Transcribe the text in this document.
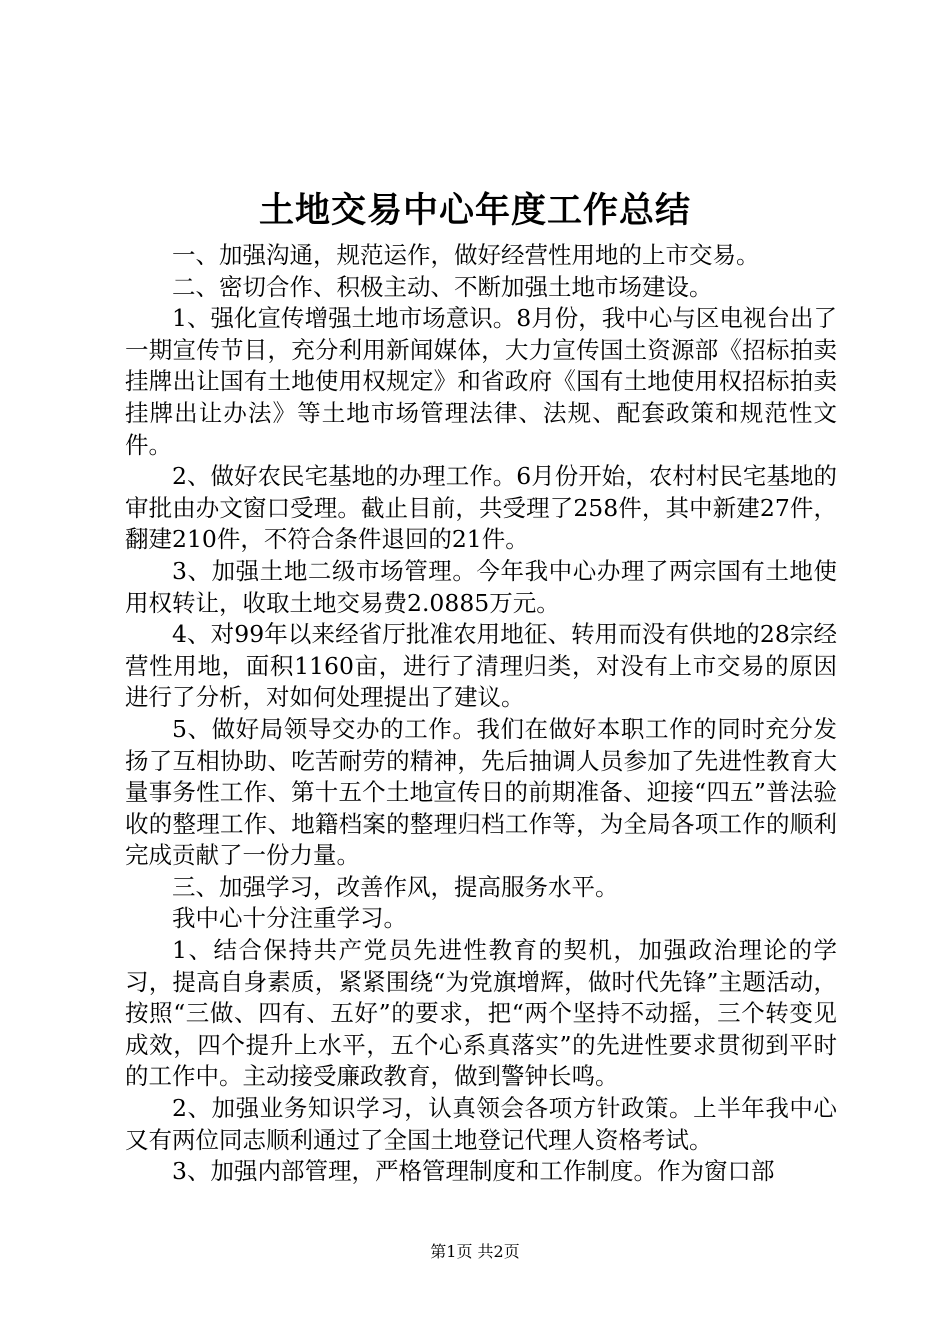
土地交易中心年度工作总结

一、加强沟通，规范运作，做好经营性用地的上市交易。

二、密切合作、积极主动、不断加强土地市场建设。

1、强化宣传增强土地市场意识。8月份，我中心与区电视台出了一期宣传节目，充分利用新闻媒体，大力宣传国土资源部《招标拍卖挂牌出让国有土地使用权规定》和省政府《国有土地使用权招标拍卖挂牌出让办法》等土地市场管理法律、法规、配套政策和规范性文件。

2、做好农民宅基地的办理工作。6月份开始，农村村民宅基地的审批由办文窗口受理。截止目前，共受理了258件，其中新建27件，翻建210件，不符合条件退回的21件。

3、加强土地二级市场管理。今年我中心办理了两宗国有土地使用权转让，收取土地交易费2.0885万元。

4、对99年以来经省厅批准农用地征、转用而没有供地的28宗经营性用地，面积1160亩，进行了清理归类，对没有上市交易的原因进行了分析，对如何处理提出了建议。

5、做好局领导交办的工作。我们在做好本职工作的同时充分发扬了互相协助、吃苦耐劳的精神，先后抽调人员参加了先进性教育大量事务性工作、第十五个土地宣传日的前期准备、迎接“四五”普法验收的整理工作、地籍档案的整理归档工作等，为全局各项工作的顺利完成贡献了一份力量。

三、加强学习，改善作风，提高服务水平。

我中心十分注重学习。

1、结合保持共产党员先进性教育的契机，加强政治理论的学习，提高自身素质，紧紧围绕“为党旗增辉，做时代先锋”主题活动，按照“三做、四有、五好”的要求，把“两个坚持不动摇，三个转变见成效，四个提升上水平，五个心系真落实”的先进性要求贯彻到平时的工作中。主动接受廉政教育，做到警钟长鸣。

2、加强业务知识学习，认真领会各项方针政策。上半年我中心又有两位同志顺利通过了全国土地登记代理人资格考试。

3、加强内部管理，严格管理制度和工作制度。作为窗口部

第1页 共2页
